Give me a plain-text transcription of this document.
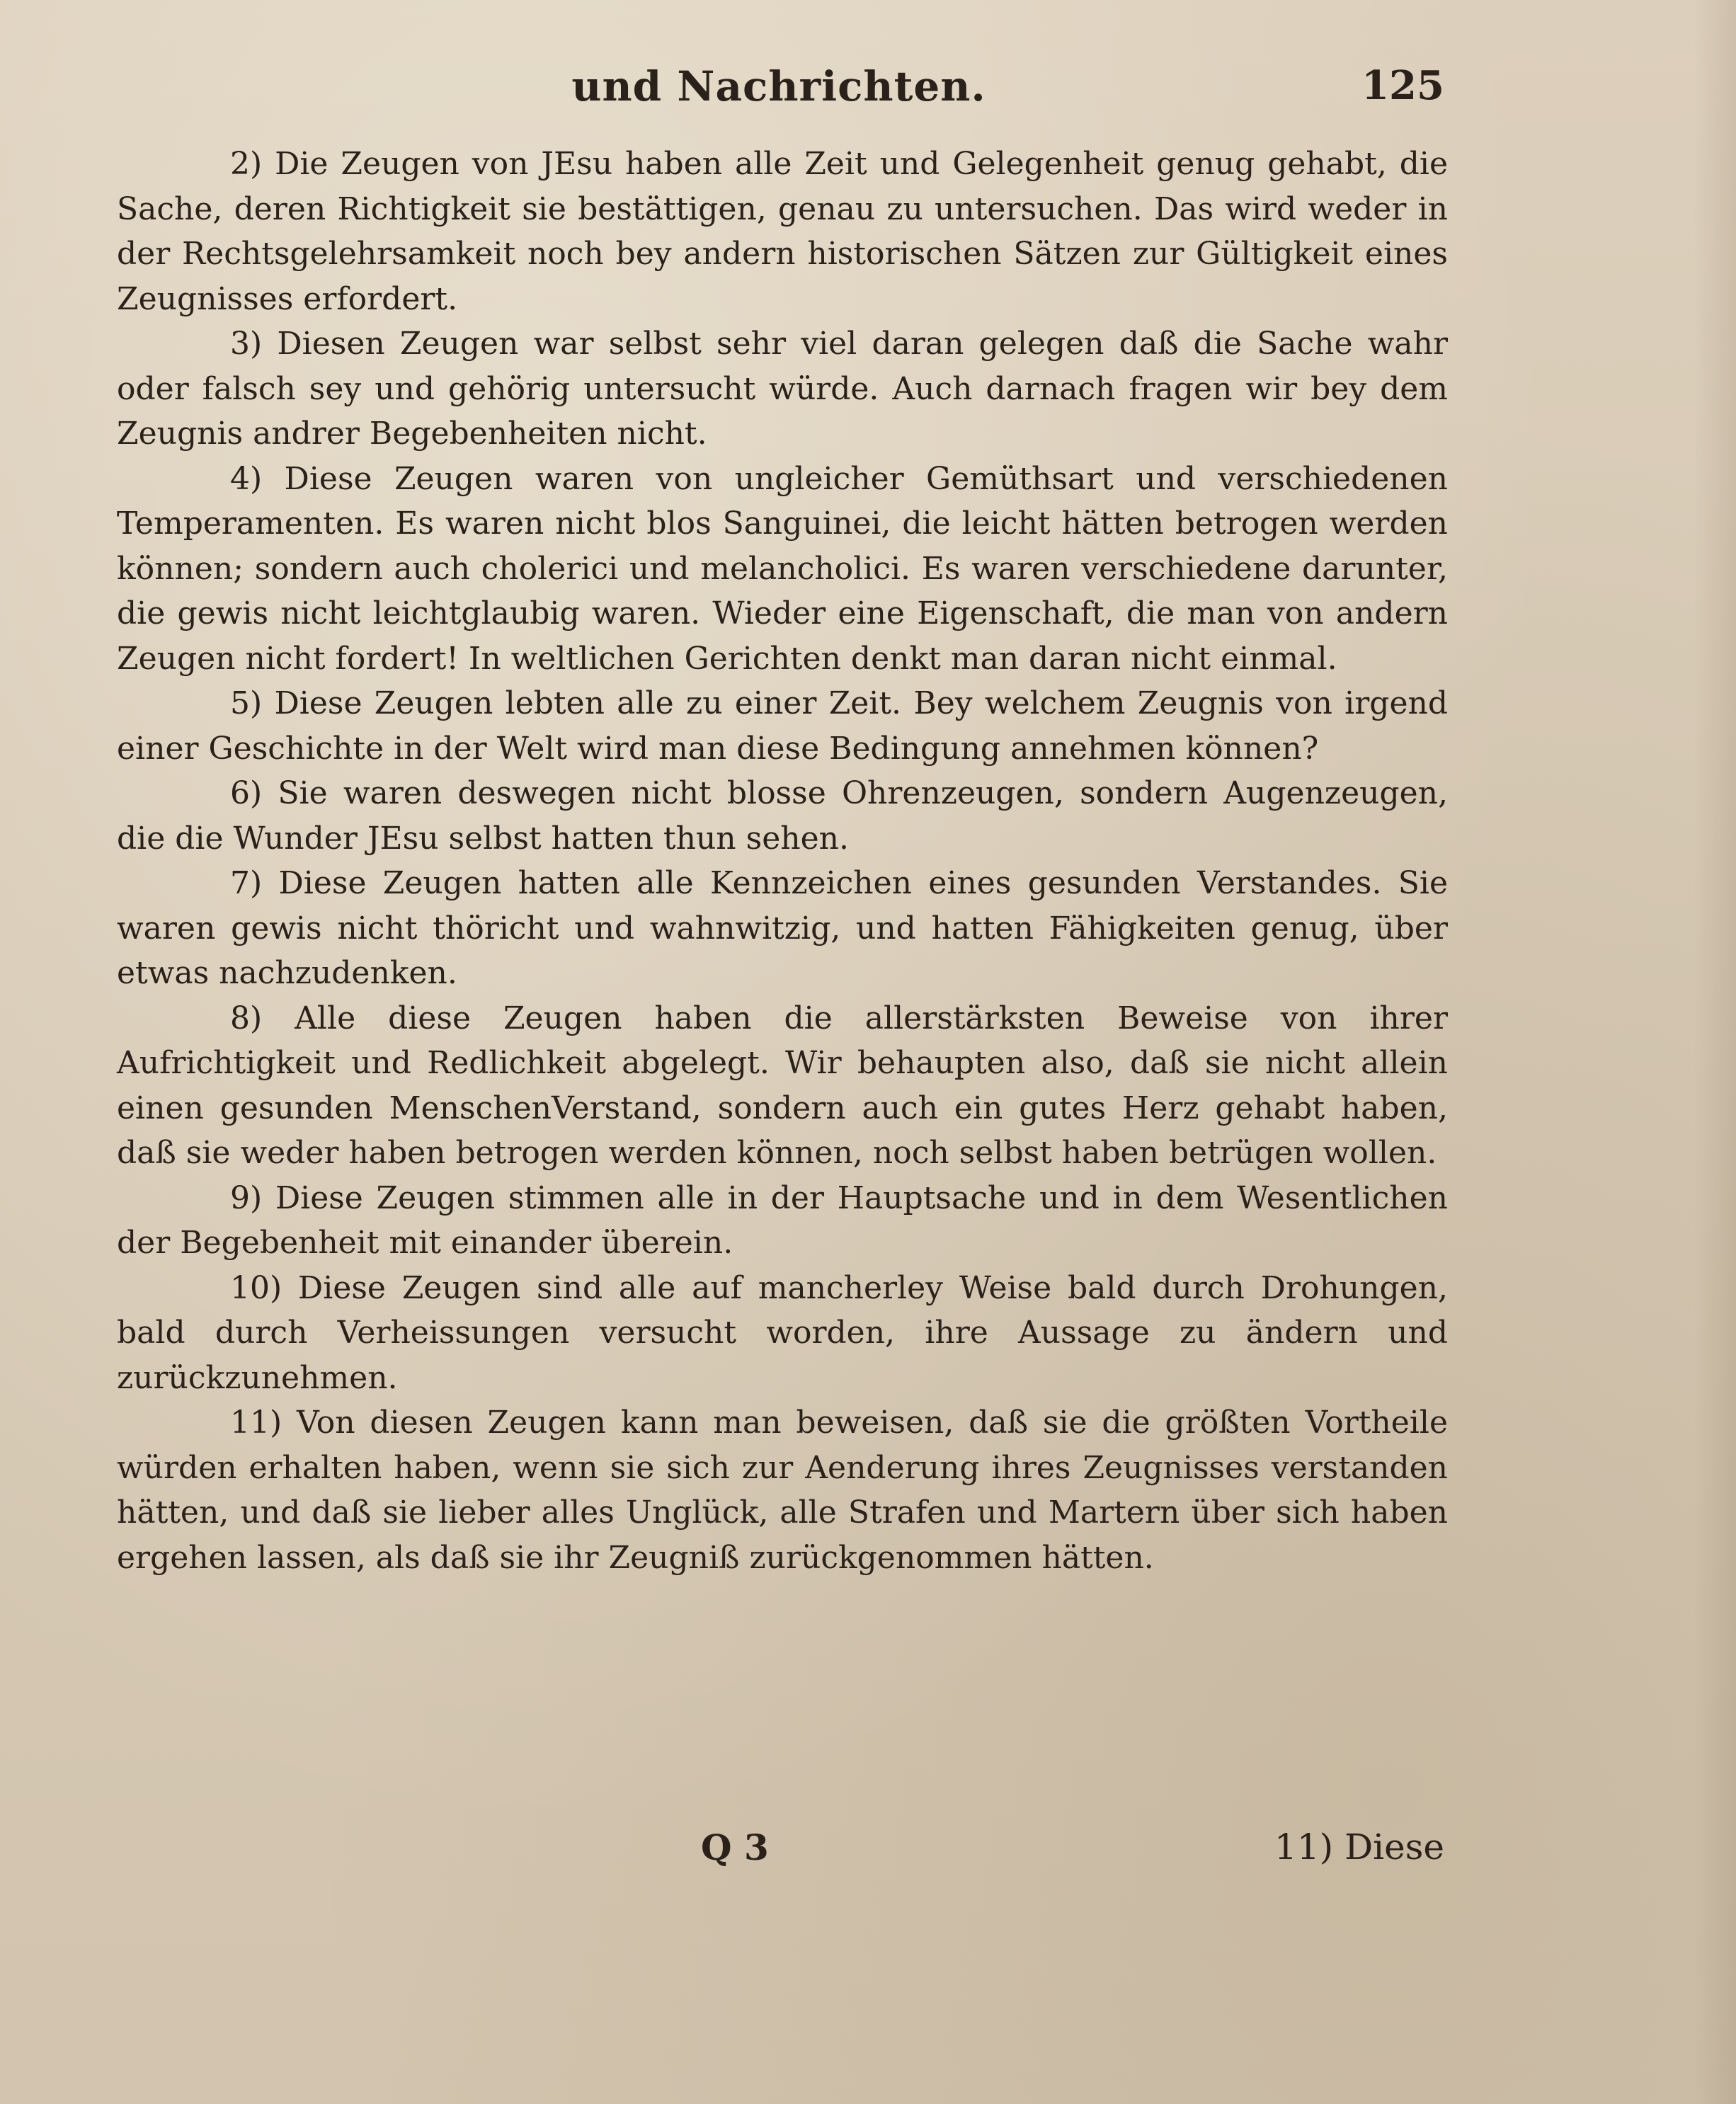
und Nachrichten.	125

2) Die Zeugen von JEsu haben alle Zeit und Gelegenheit genug gehabt, die Sache, deren Richtigkeit sie bestättigen, genau zu untersuchen. Das wird weder in der Rechtsgelehrsamkeit noch bey andern historischen Sätzen zur Gültigkeit eines Zeugnisses erfordert.

3) Diesen Zeugen war selbst sehr viel daran gelegen daß die Sache wahr oder falsch sey und gehörig untersucht würde. Auch darnach fragen wir bey dem Zeugnis andrer Begebenheiten nicht.

4) Diese Zeugen waren von ungleicher Gemüthsart und verschiedenen Temperamenten. Es waren nicht blos Sanguinei, die leicht hätten betrogen werden können; sondern auch cholerici und melancholici. Es waren verschiedene darunter, die gewis nicht leichtglaubig waren. Wieder eine Eigenschaft, die man von andern Zeugen nicht fordert! In weltlichen Gerichten denkt man daran nicht einmal.

5) Diese Zeugen lebten alle zu einer Zeit. Bey welchem Zeugnis von irgend einer Geschichte in der Welt wird man diese Bedingung annehmen können?

6) Sie waren deswegen nicht blosse Ohrenzeugen, sondern Augenzeugen, die die Wunder JEsu selbst hatten thun sehen.

7) Diese Zeugen hatten alle Kennzeichen eines gesunden Verstandes. Sie waren gewis nicht thöricht und wahnwitzig, und hatten Fähigkeiten genug, über etwas nachzudenken.

8) Alle diese Zeugen haben die allerstärksten Beweise von ihrer Aufrichtigkeit und Redlichkeit abgelegt. Wir behaupten also, daß sie nicht allein einen gesunden MenschenVerstand, sondern auch ein gutes Herz gehabt haben, daß sie weder haben betrogen werden können, noch selbst haben betrügen wollen.

9) Diese Zeugen stimmen alle in der Hauptsache und in dem Wesentlichen der Begebenheit mit einander überein.

10) Diese Zeugen sind alle auf mancherley Weise bald durch Drohungen, bald durch Verheissungen versucht worden, ihre Aussage zu ändern und zurückzunehmen.

11) Von diesen Zeugen kann man beweisen, daß sie die größten Vortheile würden erhalten haben, wenn sie sich zur Aenderung ihres Zeugnisses verstanden hätten, und daß sie lieber alles Unglück, alle Strafen und Martern über sich haben ergehen lassen, als daß sie ihr Zeugniß zurückgenommen hätten.

Q 3	11) Diese
